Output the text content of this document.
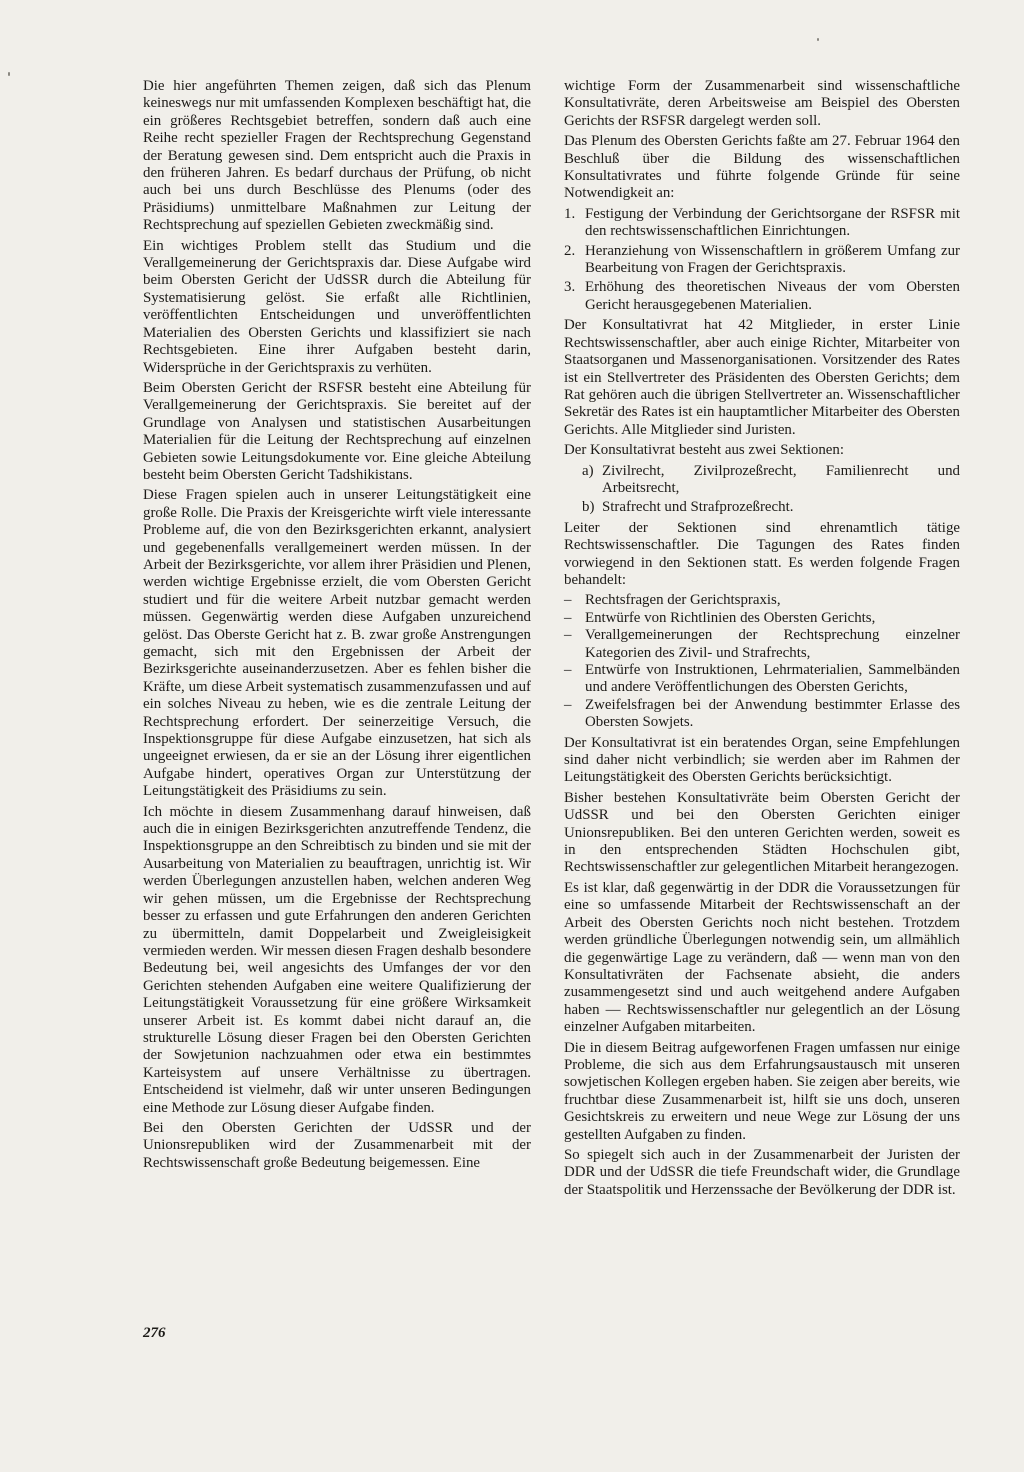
Die hier angeführten Themen zeigen, daß sich das Plenum keineswegs nur mit umfassenden Komplexen beschäftigt hat, die ein größeres Rechtsgebiet betreffen, sondern daß auch eine Reihe recht spezieller Fragen der Rechtsprechung Gegenstand der Beratung gewesen sind. Dem entspricht auch die Praxis in den früheren Jahren. Es bedarf durchaus der Prüfung, ob nicht auch bei uns durch Beschlüsse des Plenums (oder des Präsidiums) unmittelbare Maßnahmen zur Leitung der Rechtsprechung auf speziellen Gebieten zweckmäßig sind.

Ein wichtiges Problem stellt das Studium und die Verallgemeinerung der Gerichtspraxis dar. Diese Aufgabe wird beim Obersten Gericht der UdSSR durch die Abteilung für Systematisierung gelöst. Sie erfaßt alle Richtlinien, veröffentlichten Entscheidungen und unveröffentlichten Materialien des Obersten Gerichts und klassifiziert sie nach Rechtsgebieten. Eine ihrer Aufgaben besteht darin, Widersprüche in der Gerichtspraxis zu verhüten.

Beim Obersten Gericht der RSFSR besteht eine Abteilung für Verallgemeinerung der Gerichtspraxis. Sie bereitet auf der Grundlage von Analysen und statistischen Ausarbeitungen Materialien für die Leitung der Rechtsprechung auf einzelnen Gebieten sowie Leitungsdokumente vor. Eine gleiche Abteilung besteht beim Obersten Gericht Tadshikistans.

Diese Fragen spielen auch in unserer Leitungstätigkeit eine große Rolle. Die Praxis der Kreisgerichte wirft viele interessante Probleme auf, die von den Bezirksgerichten erkannt, analysiert und gegebenenfalls verallgemeinert werden müssen. In der Arbeit der Bezirksgerichte, vor allem ihrer Präsidien und Plenen, werden wichtige Ergebnisse erzielt, die vom Obersten Gericht studiert und für die weitere Arbeit nutzbar gemacht werden müssen. Gegenwärtig werden diese Aufgaben unzureichend gelöst. Das Oberste Gericht hat z. B. zwar große Anstrengungen gemacht, sich mit den Ergebnissen der Arbeit der Bezirksgerichte auseinanderzusetzen. Aber es fehlen bisher die Kräfte, um diese Arbeit systematisch zusammenzufassen und auf ein solches Niveau zu heben, wie es die zentrale Leitung der Rechtsprechung erfordert. Der seinerzeitige Versuch, die Inspektionsgruppe für diese Aufgabe einzusetzen, hat sich als ungeeignet erwiesen, da er sie an der Lösung ihrer eigentlichen Aufgabe hindert, operatives Organ zur Unterstützung der Leitungstätigkeit des Präsidiums zu sein.

Ich möchte in diesem Zusammenhang darauf hinweisen, daß auch die in einigen Bezirksgerichten anzutreffende Tendenz, die Inspektionsgruppe an den Schreibtisch zu binden und sie mit der Ausarbeitung von Materialien zu beauftragen, unrichtig ist. Wir werden Überlegungen anzustellen haben, welchen anderen Weg wir gehen müssen, um die Ergebnisse der Rechtsprechung besser zu erfassen und gute Erfahrungen den anderen Gerichten zu übermitteln, damit Doppelarbeit und Zweigleisigkeit vermieden werden. Wir messen diesen Fragen deshalb besondere Bedeutung bei, weil angesichts des Umfanges der vor den Gerichten stehenden Aufgaben eine weitere Qualifizierung der Leitungstätigkeit Voraussetzung für eine größere Wirksamkeit unserer Arbeit ist. Es kommt dabei nicht darauf an, die strukturelle Lösung dieser Fragen bei den Obersten Gerichten der Sowjetunion nachzuahmen oder etwa ein bestimmtes Karteisystem auf unsere Verhältnisse zu übertragen. Entscheidend ist vielmehr, daß wir unter unseren Bedingungen eine Methode zur Lösung dieser Aufgabe finden.

Bei den Obersten Gerichten der UdSSR und der Unionsrepubliken wird der Zusammenarbeit mit der Rechtswissenschaft große Bedeutung beigemessen. Eine

wichtige Form der Zusammenarbeit sind wissenschaftliche Konsultativräte, deren Arbeitsweise am Beispiel des Obersten Gerichts der RSFSR dargelegt werden soll.

Das Plenum des Obersten Gerichts faßte am 27. Februar 1964 den Beschluß über die Bildung des wissenschaftlichen Konsultativrates und führte folgende Gründe für seine Notwendigkeit an:

1. Festigung der Verbindung der Gerichtsorgane der RSFSR mit den rechtswissenschaftlichen Einrichtungen.
2. Heranziehung von Wissenschaftlern in größerem Umfang zur Bearbeitung von Fragen der Gerichtspraxis.
3. Erhöhung des theoretischen Niveaus der vom Obersten Gericht herausgegebenen Materialien.

Der Konsultativrat hat 42 Mitglieder, in erster Linie Rechtswissenschaftler, aber auch einige Richter, Mitarbeiter von Staatsorganen und Massenorganisationen. Vorsitzender des Rates ist ein Stellvertreter des Präsidenten des Obersten Gerichts; dem Rat gehören auch die übrigen Stellvertreter an. Wissenschaftlicher Sekretär des Rates ist ein hauptamtlicher Mitarbeiter des Obersten Gerichts. Alle Mitglieder sind Juristen.

Der Konsultativrat besteht aus zwei Sektionen:

a) Zivilrecht, Zivilprozeßrecht, Familienrecht und Arbeitsrecht,
b) Strafrecht und Strafprozeßrecht.

Leiter der Sektionen sind ehrenamtlich tätige Rechtswissenschaftler. Die Tagungen des Rates finden vorwiegend in den Sektionen statt. Es werden folgende Fragen behandelt:

– Rechtsfragen der Gerichtspraxis,
– Entwürfe von Richtlinien des Obersten Gerichts,
– Verallgemeinerungen der Rechtsprechung einzelner Kategorien des Zivil- und Strafrechts,
– Entwürfe von Instruktionen, Lehrmaterialien, Sammelbänden und andere Veröffentlichungen des Obersten Gerichts,
– Zweifelsfragen bei der Anwendung bestimmter Erlasse des Obersten Sowjets.

Der Konsultativrat ist ein beratendes Organ, seine Empfehlungen sind daher nicht verbindlich; sie werden aber im Rahmen der Leitungstätigkeit des Obersten Gerichts berücksichtigt.

Bisher bestehen Konsultativräte beim Obersten Gericht der UdSSR und bei den Obersten Gerichten einiger Unionsrepubliken. Bei den unteren Gerichten werden, soweit es in den entsprechenden Städten Hochschulen gibt, Rechtswissenschaftler zur gelegentlichen Mitarbeit herangezogen.

Es ist klar, daß gegenwärtig in der DDR die Voraussetzungen für eine so umfassende Mitarbeit der Rechtswissenschaft an der Arbeit des Obersten Gerichts noch nicht bestehen. Trotzdem werden gründliche Überlegungen notwendig sein, um allmählich die gegenwärtige Lage zu verändern, daß — wenn man von den Konsultativräten der Fachsenate absieht, die anders zusammengesetzt sind und auch weitgehend andere Aufgaben haben — Rechtswissenschaftler nur gelegentlich an der Lösung einzelner Aufgaben mitarbeiten.

Die in diesem Beitrag aufgeworfenen Fragen umfassen nur einige Probleme, die sich aus dem Erfahrungsaustausch mit unseren sowjetischen Kollegen ergeben haben. Sie zeigen aber bereits, wie fruchtbar diese Zusammenarbeit ist, hilft sie uns doch, unseren Gesichtskreis zu erweitern und neue Wege zur Lösung der uns gestellten Aufgaben zu finden.

So spiegelt sich auch in der Zusammenarbeit der Juristen der DDR und der UdSSR die tiefe Freundschaft wider, die Grundlage der Staatspolitik und Herzenssache der Bevölkerung der DDR ist.

276
